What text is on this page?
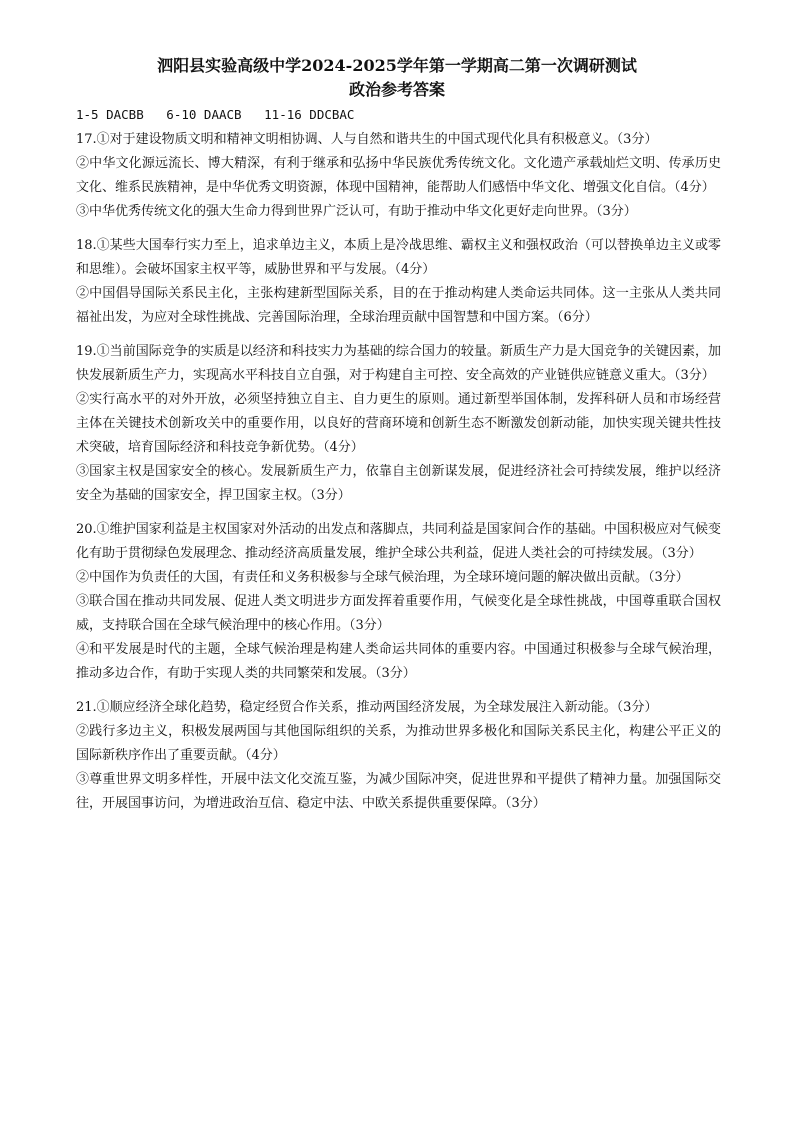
泗阳县实验高级中学2024-2025学年第一学期高二第一次调研测试
政治参考答案
1-5 DACBB   6-10 DAACB   11-16 DDCBAC

17.①对于建设物质文明和精神文明相协调、人与自然和谐共生的中国式现代化具有积极意义。（3分）

②中华文化源远流长、博大精深，有利于继承和弘扬中华民族优秀传统文化。文化遗产承载灿烂文明、传承历史文化、维系民族精神，是中华优秀文明资源，体现中国精神，能帮助人们感悟中华文化、增强文化自信。（4分）

③中华优秀传统文化的强大生命力得到世界广泛认可，有助于推动中华文化更好走向世界。（3分）

18.①某些大国奉行实力至上，追求单边主义，本质上是冷战思维、霸权主义和强权政治（可以替换单边主义或零和思维）。会破坏国家主权平等，威胁世界和平与发展。（4分）

②中国倡导国际关系民主化，主张构建新型国际关系，目的在于推动构建人类命运共同体。这一主张从人类共同福祉出发，为应对全球性挑战、完善国际治理，全球治理贡献中国智慧和中国方案。（6分）

19.①当前国际竞争的实质是以经济和科技实力为基础的综合国力的较量。新质生产力是大国竞争的关键因素，加快发展新质生产力，实现高水平科技自立自强，对于构建自主可控、安全高效的产业链供应链意义重大。（3分）

②实行高水平的对外开放，必须坚持独立自主、自力更生的原则。通过新型举国体制，发挥科研人员和市场经营主体在关键技术创新攻关中的重要作用，以良好的营商环境和创新生态不断激发创新动能，加快实现关键共性技术突破，培育国际经济和科技竞争新优势。（4分）

③国家主权是国家安全的核心。发展新质生产力，依靠自主创新谋发展，促进经济社会可持续发展，维护以经济安全为基础的国家安全，捍卫国家主权。（3分）

20.①维护国家利益是主权国家对外活动的出发点和落脚点，共同利益是国家间合作的基础。中国积极应对气候变化有助于贯彻绿色发展理念、推动经济高质量发展，维护全球公共利益，促进人类社会的可持续发展。（3分）

②中国作为负责任的大国，有责任和义务积极参与全球气候治理，为全球环境问题的解决做出贡献。（3分）

③联合国在推动共同发展、促进人类文明进步方面发挥着重要作用，气候变化是全球性挑战，中国尊重联合国权威，支持联合国在全球气候治理中的核心作用。（3分）

④和平发展是时代的主题，全球气候治理是构建人类命运共同体的重要内容。中国通过积极参与全球气候治理，推动多边合作，有助于实现人类的共同繁荣和发展。（3分）

21.①顺应经济全球化趋势，稳定经贸合作关系，推动两国经济发展，为全球发展注入新动能。（3分）

②践行多边主义，积极发展两国与其他国际组织的关系，为推动世界多极化和国际关系民主化，构建公平正义的国际新秩序作出了重要贡献。（4分）

③尊重世界文明多样性，开展中法文化交流互鉴，为减少国际冲突，促进世界和平提供了精神力量。加强国际交往，开展国事访问，为增进政治互信、稳定中法、中欧关系提供重要保障。（3分）
